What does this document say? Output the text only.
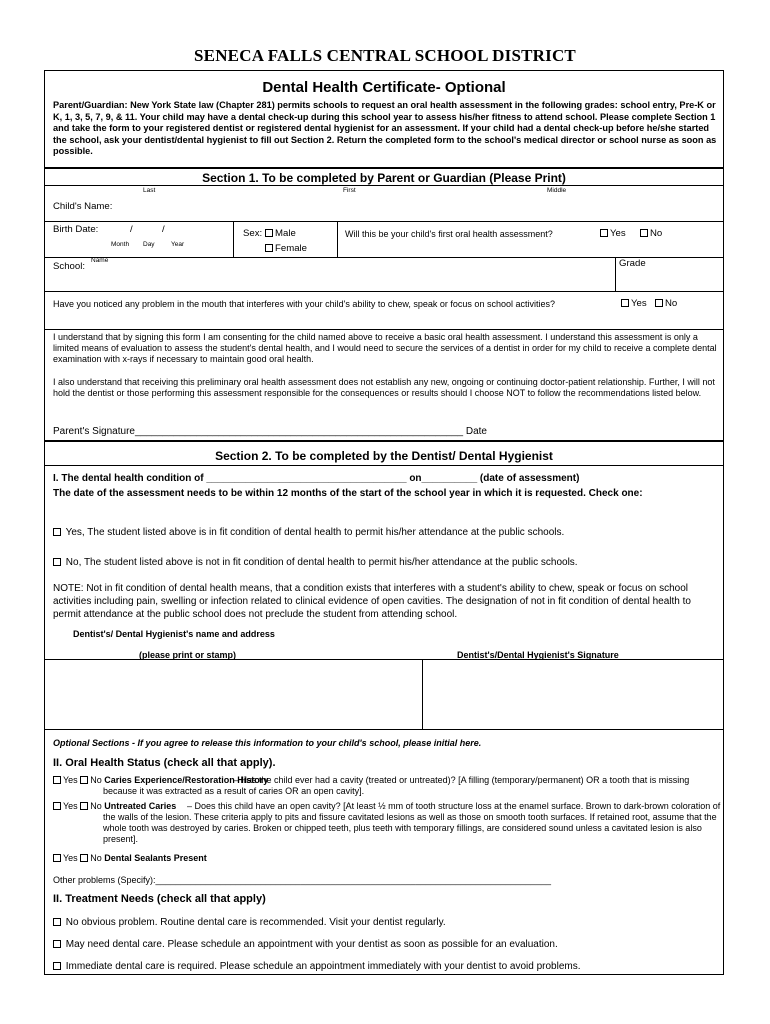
SENECA FALLS CENTRAL SCHOOL DISTRICT
Dental Health Certificate- Optional
Parent/Guardian: New York State law (Chapter 281) permits schools to request an oral health assessment in the following grades: school entry, Pre-K or K, 1, 3, 5, 7, 9, & 11. Your child may have a dental check-up during this school year to assess his/her fitness to attend school. Please complete Section 1 and take the form to your registered dentist or registered dental hygienist for an assessment. If your child had a dental check-up before he/she started the school, ask your dentist/dental hygienist to fill out Section 2. Return the completed form to the school's medical director or school nurse as soon as possible.
Section 1. To be completed by Parent or Guardian (Please Print)
Last	First	Middle
Child's Name:
Birth Date:	/	/
Month Day	Year
Sex:	Male
Female
Will this be your child's first oral health assessment?	Yes	No
School:
Name	Grade
Have you noticed any problem in the mouth that interferes with your child's ability to chew, speak or focus on school activities?	Yes	No
I understand that by signing this form I am consenting for the child named above to receive a basic oral health assessment. I understand this assessment is only a limited means of evaluation to assess the student's dental health, and I would need to secure the services of a dentist in order for my child to receive a complete dental examination with x-rays if necessary to maintain good oral health.
I also understand that receiving this preliminary oral health assessment does not establish any new, ongoing or continuing doctor-patient relationship. Further, I will not hold the dentist or those performing this assessment responsible for the consequences or results should I choose NOT to follow the recommendations listed below.
Parent's Signature___________________________________________________________ Date
Section 2. To be completed by the Dentist/ Dental Hygienist
I. The dental health condition of ____________________________________ on__________ (date of assessment)
The date of the assessment needs to be within 12 months of the start of the school year in which it is requested. Check one:
Yes, The student listed above is in fit condition of dental health to permit his/her attendance at the public schools.
No, The student listed above is not in fit condition of dental health to permit his/her attendance at the public schools.
NOTE: Not in fit condition of dental health means, that a condition exists that interferes with a student's ability to chew, speak or focus on school activities including pain, swelling or infection related to clinical evidence of open cavities. The designation of not in fit condition of dental health to permit attendance at the public school does not preclude the student from attending school.
Dentist's/ Dental Hygienist's name and address
(please print or stamp)	Dentist's/Dental Hygienist's Signature
Optional Sections - If you agree to release this information to your child's school, please initial here.
II. Oral Health Status (check all that apply).
Yes No Caries Experience/Restoration History
– Has the child ever had a cavity (treated or untreated)? [A filling (temporary/permanent) OR a tooth that is missing because it was extracted as a result of caries OR an open cavity].
Yes No Untreated Caries	– Does this child have an open cavity? [At least ½ mm of tooth structure loss at the enamel surface. Brown to dark-brown coloration of the walls of the lesion. These criteria apply to pits and fissure cavitated lesions as well as those on smooth tooth surfaces. If retained root, assume that the whole tooth was destroyed by caries. Broken or chipped teeth, plus teeth with temporary fillings, are considered sound unless a cavitated lesion is also present].
Yes No Dental Sealants Present
Other problems (Specify):_______________________________________________________________________________
II. Treatment Needs (check all that apply)
No obvious problem. Routine dental care is recommended. Visit your dentist regularly.
May need dental care. Please schedule an appointment with your dentist as soon as possible for an evaluation.
Immediate dental care is required. Please schedule an appointment immediately with your dentist to avoid problems.
